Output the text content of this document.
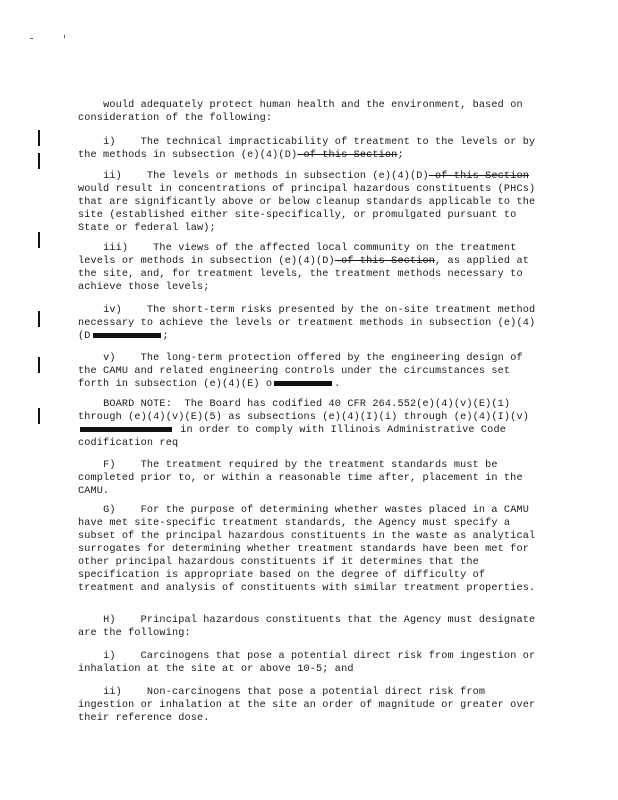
would adequately protect human health and the environment, based on consideration of the following:

i)    The technical impracticability of treatment to the levels or by the methods in subsection (e)(4)(D) of this Section;

ii)    The levels or methods in subsection (e)(4)(D) of this Section would result in concentrations of principal hazardous constituents (PHCs) that are significantly above or below cleanup standards applicable to the site (established either site-specifically, or promulgated pursuant to State or federal law);

iii)    The views of the affected local community on the treatment levels or methods in subsection (e)(4)(D) of this Section, as applied at the site, and, for treatment levels, the treatment methods necessary to achieve those levels;

iv)    The short-term risks presented by the on-site treatment method necessary to achieve the levels or treatment methods in subsection (e)(4)(D	;

v)    The long-term protection offered by the engineering design of the CAMU and related engineering controls under the circumstances set forth in subsection (e)(4)(E) o	.

BOARD NOTE:  The Board has codified 40 CFR 264.552(e)(4)(v)(E)(1) through (e)(4)(v)(E)(5) as subsections (e)(4)(I)(i) through (e)(4)(I)(v) in order to comply with Illinois Administrative Code codification req

F)    The treatment required by the treatment standards must be completed prior to, or within a reasonable time after, placement in the CAMU.

G)    For the purpose of determining whether wastes placed in a CAMU have met site-specific treatment standards, the Agency must specify a subset of the principal hazardous constituents in the waste as analytical surrogates for determining whether treatment standards have been met for other principal hazardous constituents if it determines that the specification is appropriate based on the degree of difficulty of treatment and analysis of constituents with similar treatment properties.

H)    Principal hazardous constituents that the Agency must designate are the following:

i)    Carcinogens that pose a potential direct risk from ingestion or inhalation at the site at or above 10-5; and

ii)    Non-carcinogens that pose a potential direct risk from ingestion or inhalation at the site an order of magnitude or greater over their reference dose.
